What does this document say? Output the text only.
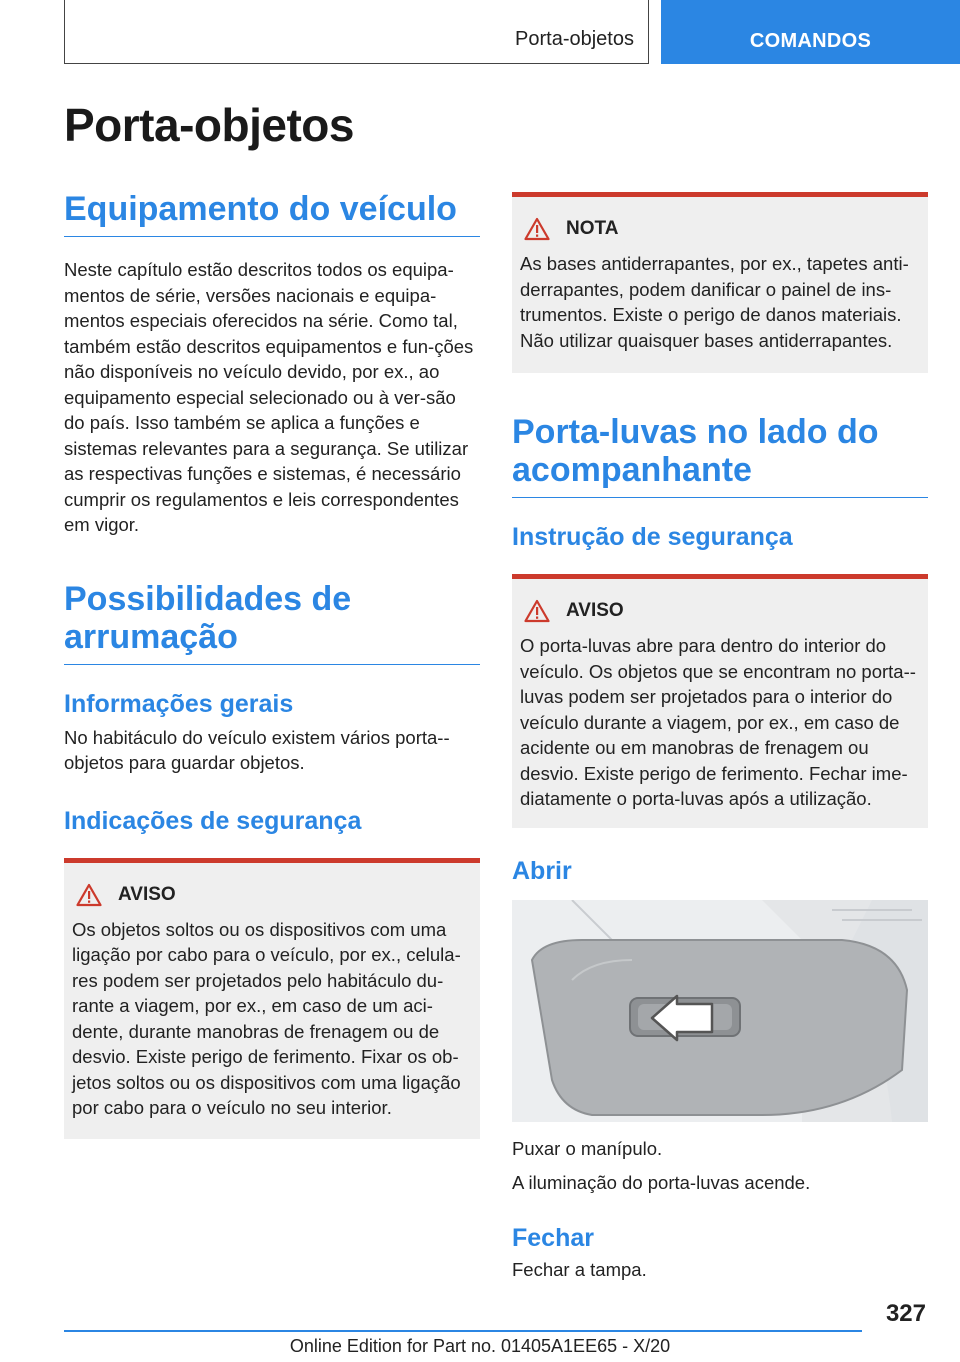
Porta-objetos	COMANDOS
Porta-objetos
Equipamento do veículo

Neste capítulo estão descritos todos os equipa-mentos de série, versões nacionais e equipa-mentos especiais oferecidos na série. Como tal, também estão descritos equipamentos e fun-ções não disponíveis no veículo devido, por ex., ao equipamento especial selecionado ou à ver-são do país. Isso também se aplica a funções e sistemas relevantes para a segurança. Se utilizar as respectivas funções e sistemas, é necessário cumprir os regulamentos e leis correspondentes em vigor.

Possibilidades de arrumação
Informações gerais

No habitáculo do veículo existem vários porta--objetos para guardar objetos.

Indicações de segurança
AVISO

Os objetos soltos ou os dispositivos com uma ligação por cabo para o veículo, por ex., celula-res podem ser projetados pelo habitáculo du-rante a viagem, por ex., em caso de um aci-dente, durante manobras de frenagem ou de desvio. Existe perigo de ferimento. Fixar os ob-jetos soltos ou os dispositivos com uma ligação por cabo para o veículo no seu interior.

NOTA

As bases antiderrapantes, por ex., tapetes anti-derrapantes, podem danificar o painel de ins-trumentos. Existe o perigo de danos materiais. Não utilizar quaisquer bases antiderrapantes.

Porta-luvas no lado do acompanhante
Instrução de segurança
AVISO

O porta-luvas abre para dentro do interior do veículo. Os objetos que se encontram no porta--luvas podem ser projetados para o interior do veículo durante a viagem, por ex., em caso de acidente ou em manobras de frenagem ou desvio. Existe perigo de ferimento. Fechar ime-diatamente o porta-luvas após a utilização.

Abrir

Puxar o manípulo.

A iluminação do porta-luvas acende.

Fechar

Fechar a tampa.

327
Online Edition for Part no. 01405A1EE65 - X/20
